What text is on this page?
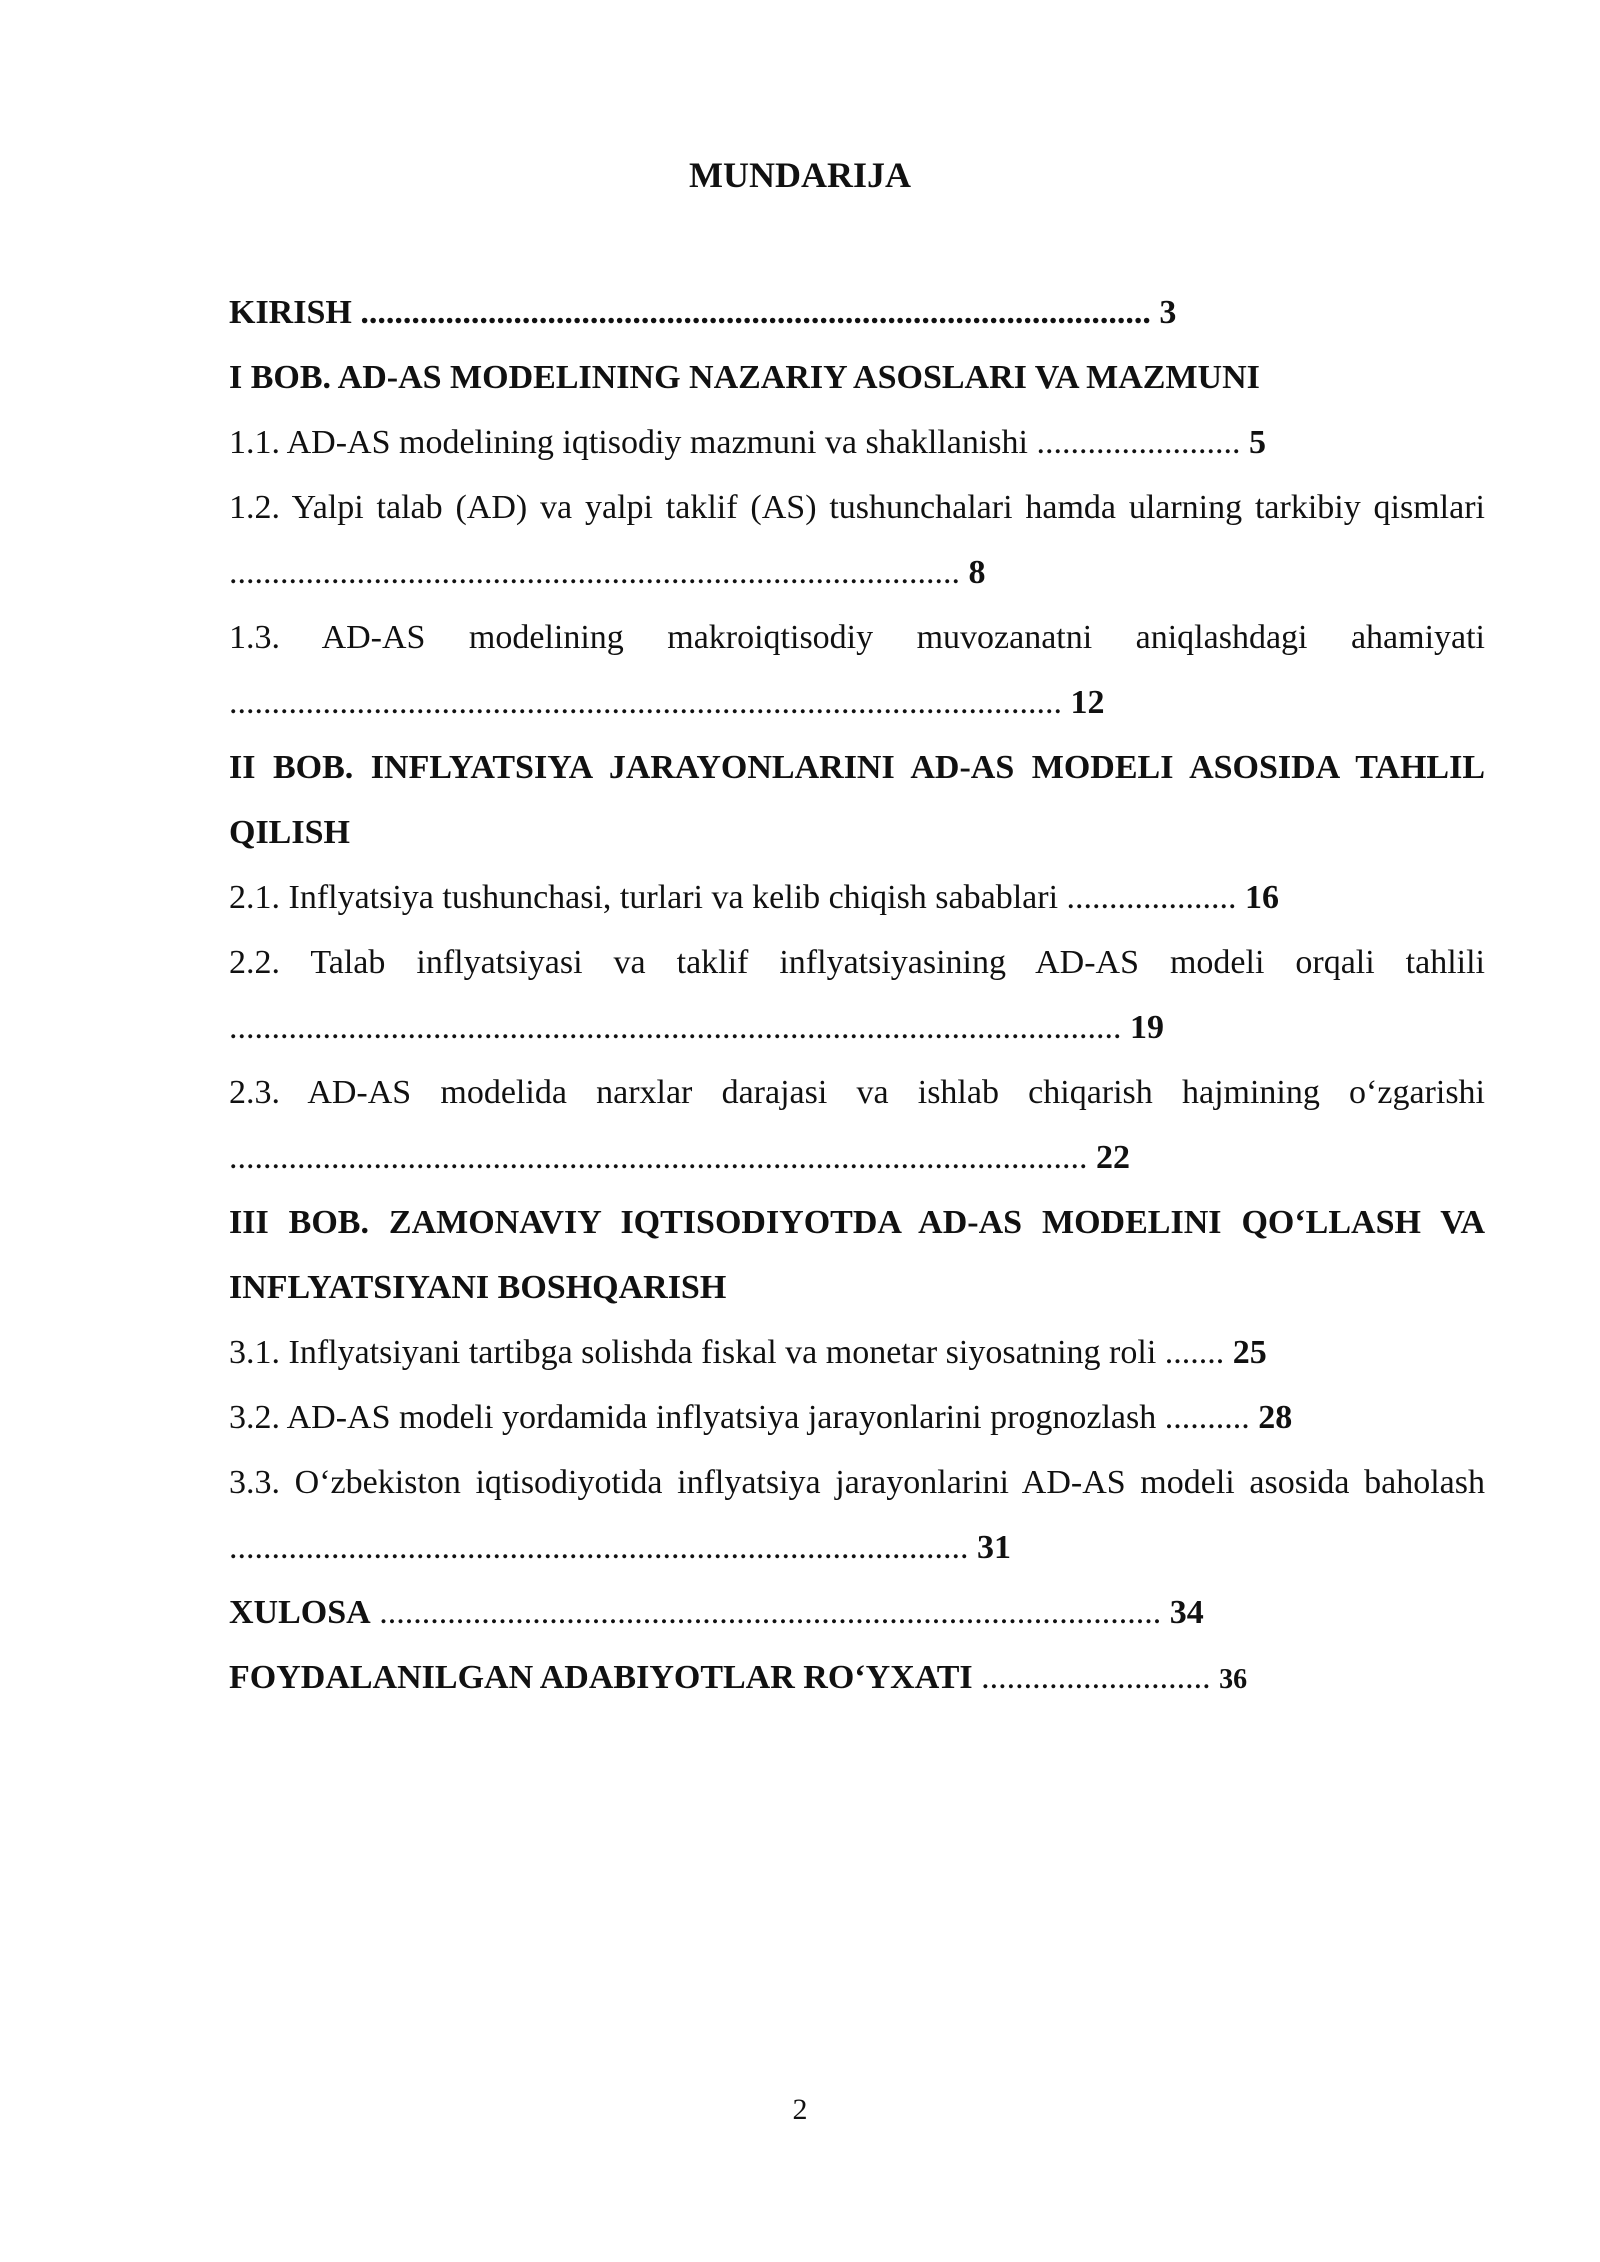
MUNDARIJA
KIRISH ............................................................................................. 3
I BOB. AD-AS MODELINING NAZARIY ASOSLARI VA MAZMUNI
1.1. AD-AS modelining iqtisodiy mazmuni va shakllanishi ........................ 5
1.2. Yalpi talab (AD) va yalpi taklif (AS) tushunchalari hamda ularning tarkibiy qismlari ...................................................................................... 8
1.3. AD-AS modelining makroiqtisodiy muvozanatni aniqlashdagi ahamiyati .................................................................................................. 12
II BOB. INFLYATSIYA JARAYONLARINI AD-AS MODELI ASOSIDA TAHLIL QILISH
2.1. Inflyatsiya tushunchasi, turlari va kelib chiqish sabablari .................... 16
2.2. Talab inflyatsiyasi va taklif inflyatsiyasining AD-AS modeli orqali tahlili ......................................................................................................... 19
2.3. AD-AS modelida narxlar darajasi va ishlab chiqarish hajmining o‘zgarishi ..................................................................................................... 22
III BOB. ZAMONAVIY IQTISODIYOTDA AD-AS MODELINI QO‘LLASH VA INFLYATSIYANI BOSHQARISH
3.1. Inflyatsiyani tartibga solishda fiskal va monetar siyosatning roli ....... 25
3.2. AD-AS modeli yordamida inflyatsiya jarayonlarini prognozlash .......... 28
3.3. O‘zbekiston iqtisodiyotida inflyatsiya jarayonlarini AD-AS modeli asosida baholash ....................................................................................... 31
XULOSA ............................................................................................ 34
FOYDALANILGAN ADABIYOTLAR RO‘YXATI ........................... 36
2
